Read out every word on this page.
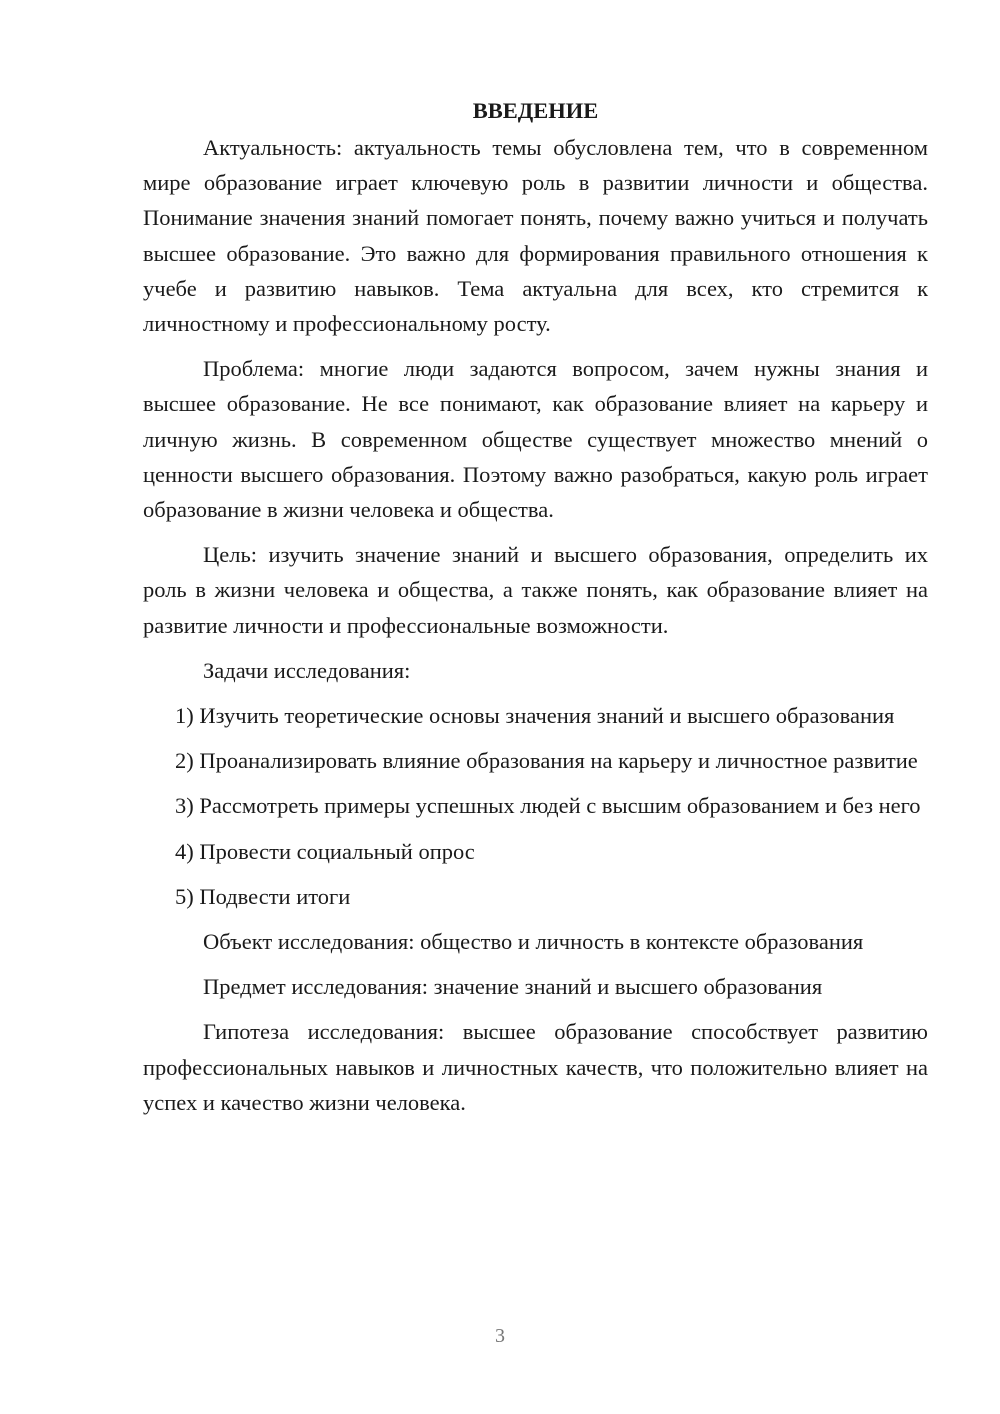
ВВЕДЕНИЕ

Актуальность: актуальность темы обусловлена тем, что в современном мире образование играет ключевую роль в развитии личности и общества. Понимание значения знаний помогает понять, почему важно учиться и получать высшее образование. Это важно для формирования правильного отношения к учебе и развитию навыков. Тема актуальна для всех, кто стремится к личностному и профессиональному росту.

Проблема: многие люди задаются вопросом, зачем нужны знания и высшее образование. Не все понимают, как образование влияет на карьеру и личную жизнь. В современном обществе существует множество мнений о ценности высшего образования. Поэтому важно разобраться, какую роль играет образование в жизни человека и общества.

Цель: изучить значение знаний и высшего образования, определить их роль в жизни человека и общества, а также понять, как образование влияет на развитие личности и профессиональные возможности.

Задачи исследования:

1) Изучить теоретические основы значения знаний и высшего образования

2) Проанализировать влияние образования на карьеру и личностное развитие

3) Рассмотреть примеры успешных людей с высшим образованием и без него

4) Провести социальный опрос

5) Подвести итоги

Объект исследования: общество и личность в контексте образования

Предмет исследования: значение знаний и высшего образования

Гипотеза исследования: высшее образование способствует развитию профессиональных навыков и личностных качеств, что положительно влияет на успех и качество жизни человека.

3
